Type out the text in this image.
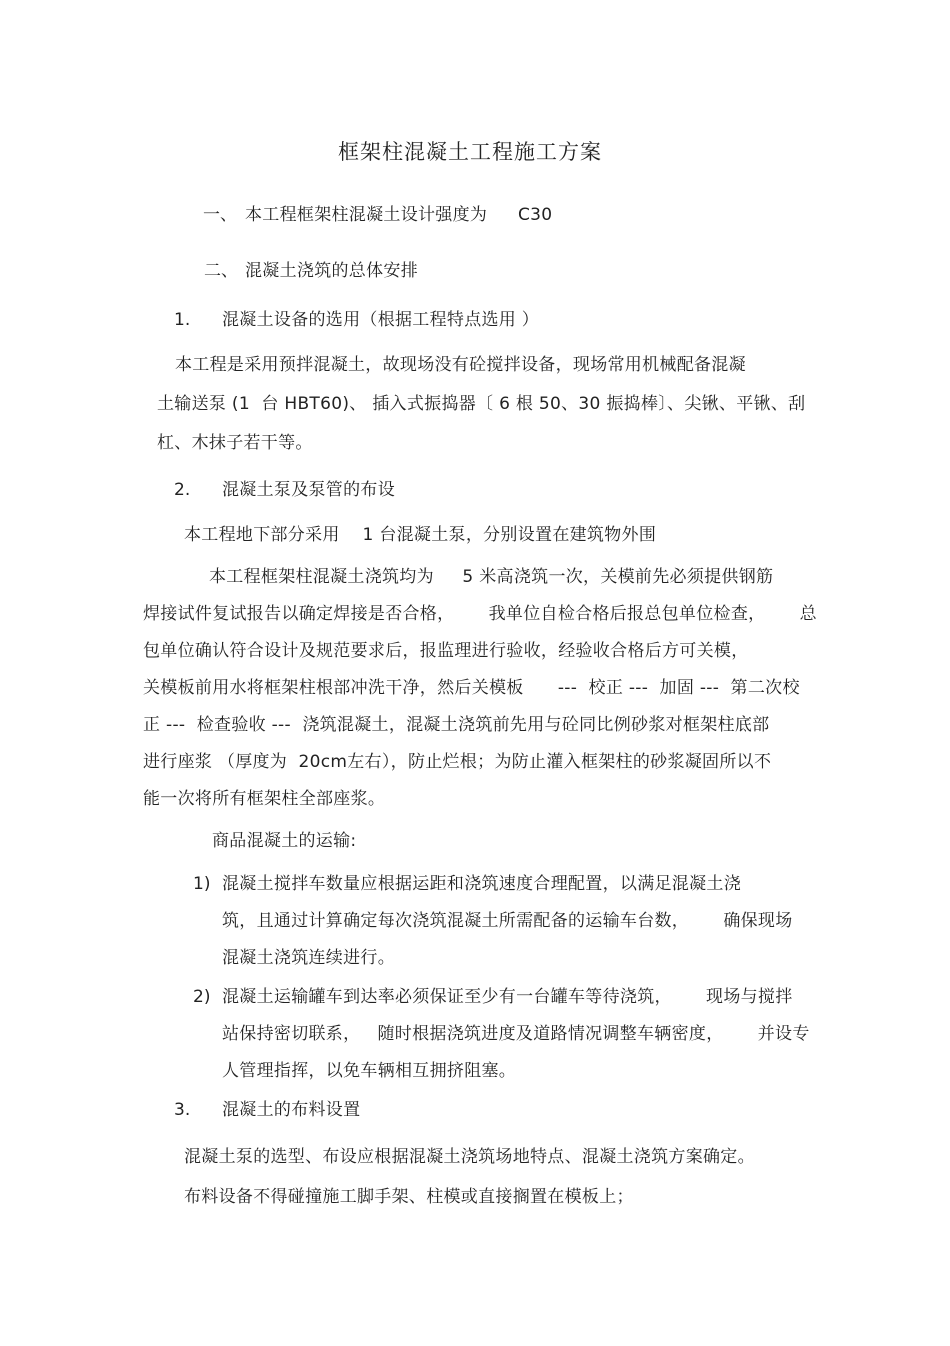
框架柱混凝土工程施工方案
一、 本工程框架柱混凝土设计强度为 C30
二、 混凝土浇筑的总体安排
1. 混凝土设备的选用（根据工程特点选用 ）
本工程是采用预拌混凝土，故现场没有砼搅拌设备，现场常用机械配备混凝
土输送泵 (1  台 HBT60)、 插入式振捣器〔 6 根 50、30 振捣棒〕、尖锹、平锹、刮
杠、木抹子若干等。
2. 混凝土泵及泵管的布设
本工程地下部分采用    1 台混凝土泵，分别设置在建筑物外围
本工程框架柱混凝土浇筑均为     5 米高浇筑一次，关模前先必须提供钢筋
焊接试件复试报告以确定焊接是否合格，      我单位自检合格后报总包单位检查，      总
包单位确认符合设计及规范要求后，报监理进行验收，经验收合格后方可关模，
关模板前用水将框架柱根部冲洗干净，然后关模板      ---  校正 ---  加固 ---  第二次校
正 ---  检查验收 ---  浇筑混凝土，混凝土浇筑前先用与砼同比例砂浆对框架柱底部
进行座浆 （厚度为  20cm左右），防止烂根；为防止灌入框架柱的砂浆凝固所以不
能一次将所有框架柱全部座浆。
商品混凝土的运输:
1) 混凝土搅拌车数量应根据运距和浇筑速度合理配置，以满足混凝土浇
筑，且通过计算确定每次浇筑混凝土所需配备的运输车台数，      确保现场
混凝土浇筑连续进行。
2) 混凝土运输罐车到达率必须保证至少有一台罐车等待浇筑，      现场与搅拌
站保持密切联系，   随时根据浇筑进度及道路情况调整车辆密度，      并设专
人管理指挥，以免车辆相互拥挤阻塞。
3. 混凝土的布料设置
混凝土泵的选型、布设应根据混凝土浇筑场地特点、混凝土浇筑方案确定。
布料设备不得碰撞施工脚手架、柱模或直接搁置在模板上；
